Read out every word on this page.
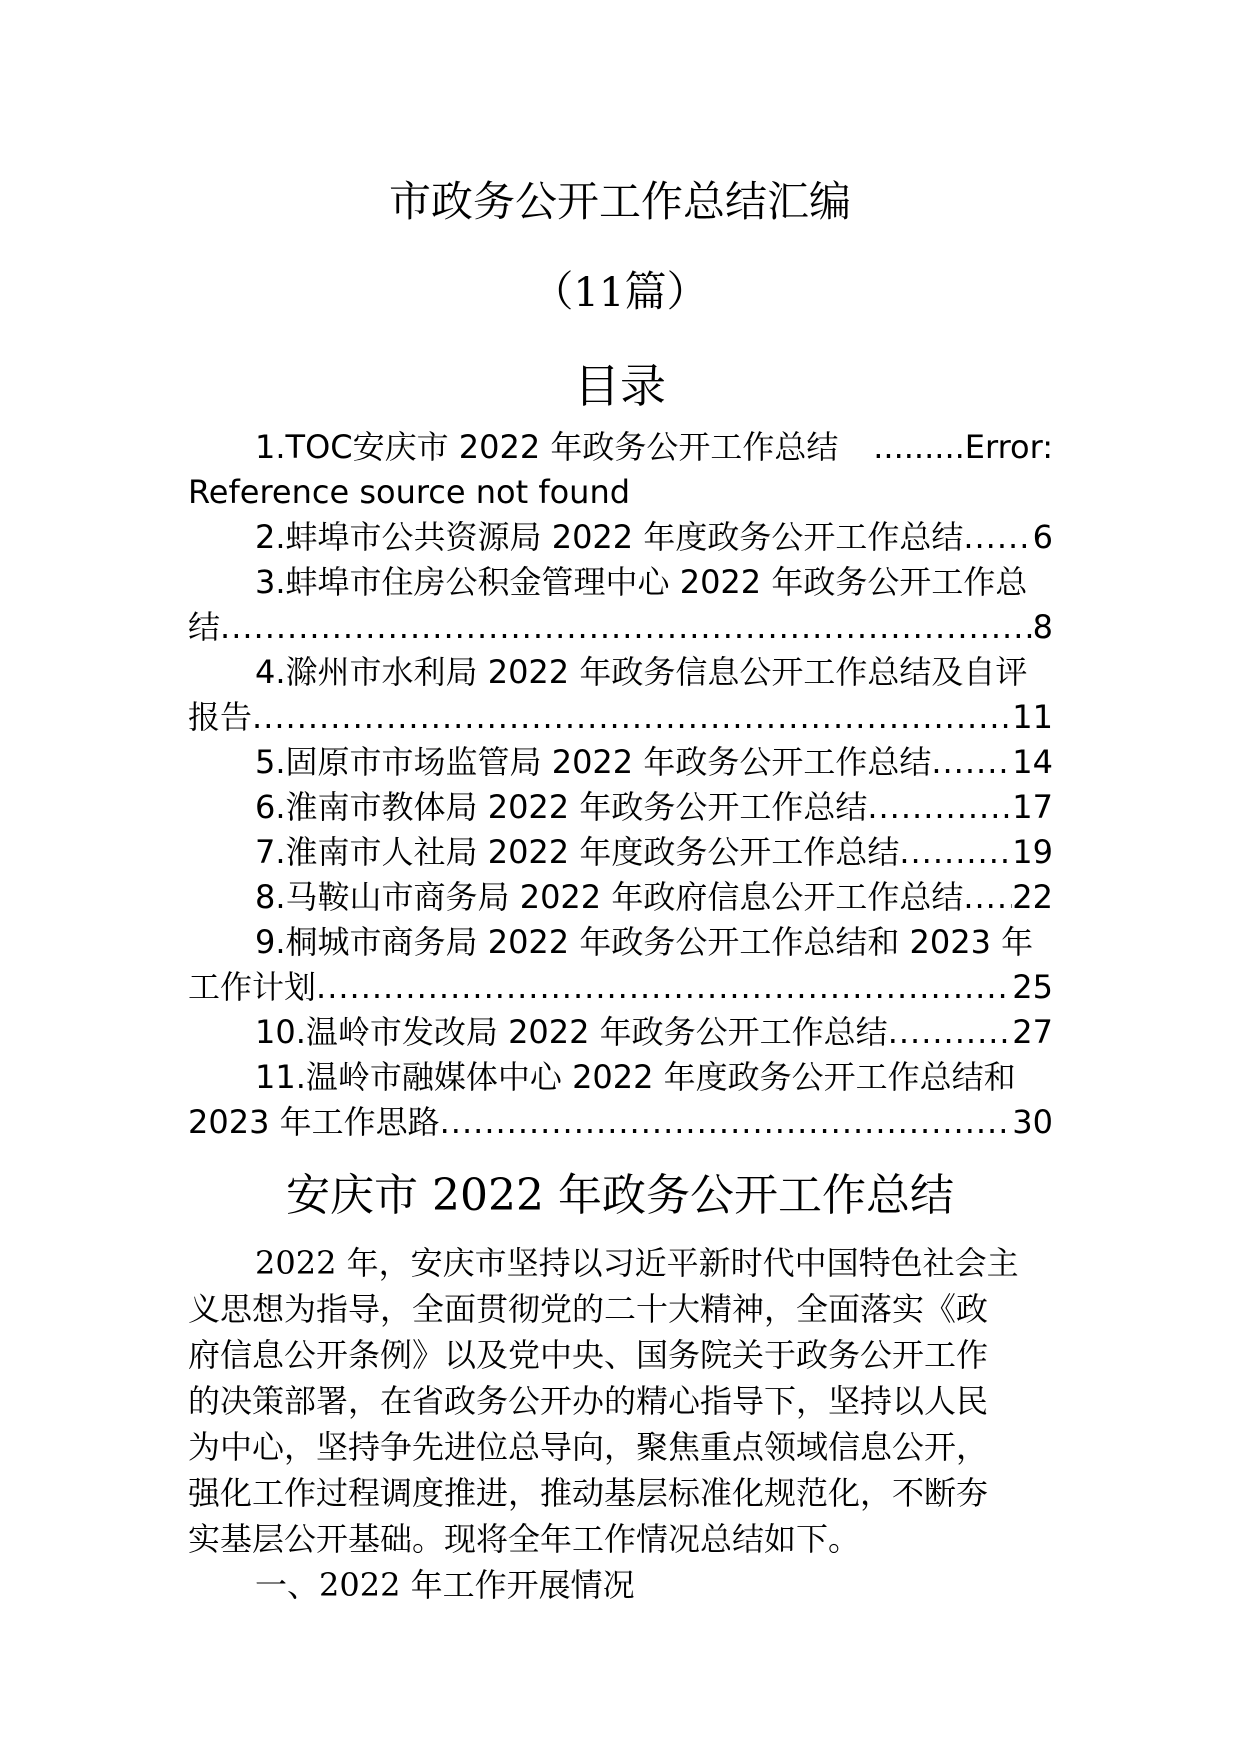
市政务公开工作总结汇编
（11篇）
目录
1.TOC安庆市 2022 年政务公开工作总结 ......... Error:
Reference source not found
2.蚌埠市公共资源局 2022 年度政务公开工作总结 ..... 6
3.蚌埠市住房公积金管理中心 2022 年政务公开工作总
结 .....	8
4.滁州市水利局 2022 年政务信息公开工作总结及自评
报告 .....	11
5.固原市市场监管局 2022 年政务公开工作总结 .....	14
6.淮南市教体局 2022 年政务公开工作总结 .....	17
7.淮南市人社局 2022 年度政务公开工作总结 .....	19
8.马鞍山市商务局 2022 年政府信息公开工作总结 ..... 22
9.桐城市商务局 2022 年政务公开工作总结和 2023 年
工作计划 .....	25
10.温岭市发改局 2022 年政务公开工作总结 .....	27
11.温岭市融媒体中心 2022 年度政务公开工作总结和
2023 年工作思路 .....	30
安庆市 2022 年政务公开工作总结
2022 年，安庆市坚持以习近平新时代中国特色社会主
义思想为指导，全面贯彻党的二十大精神，全面落实《政
府信息公开条例》以及党中央、国务院关于政务公开工作
的决策部署，在省政务公开办的精心指导下，坚持以人民
为中心，坚持争先进位总导向，聚焦重点领域信息公开，
强化工作过程调度推进，推动基层标准化规范化，不断夯
实基层公开基础。现将全年工作情况总结如下。
一、2022 年工作开展情况
